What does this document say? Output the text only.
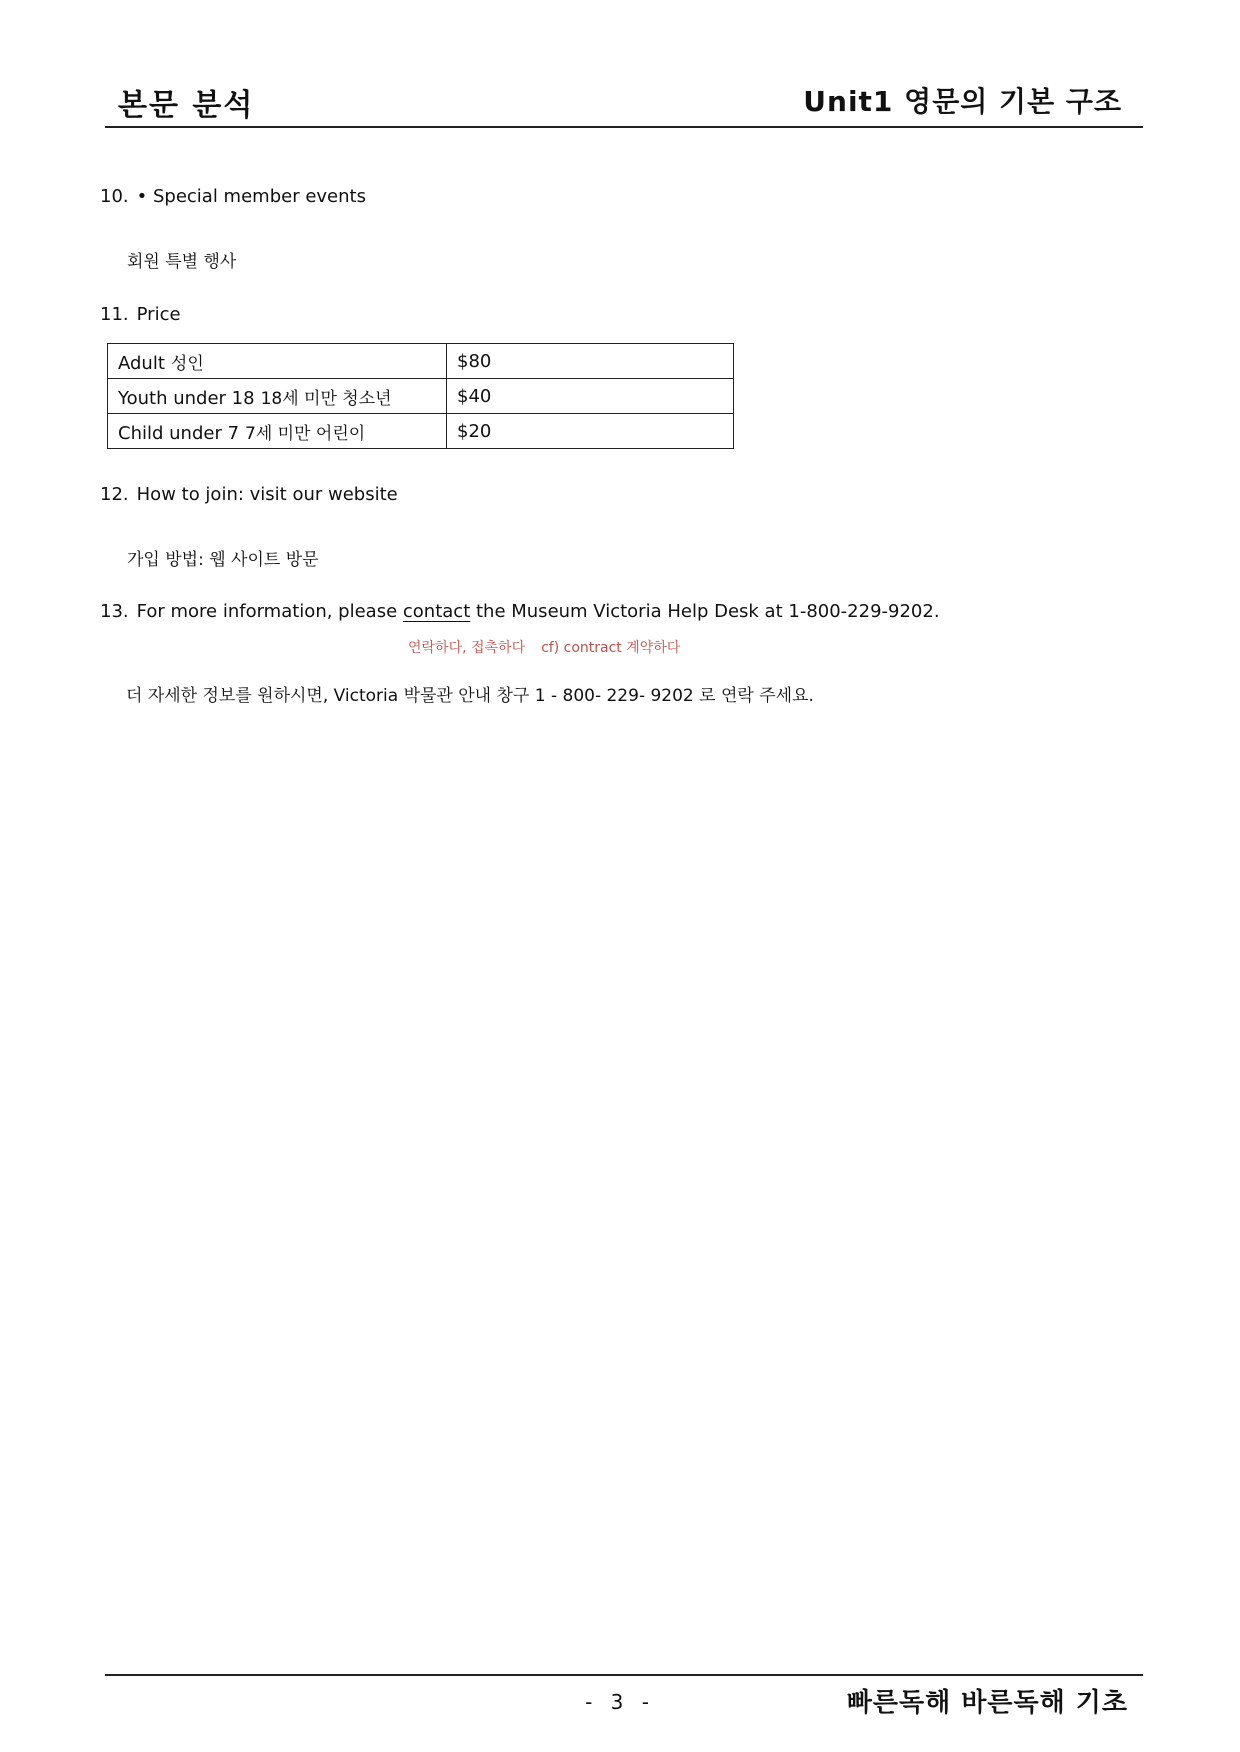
본문 분석	Unit1 영문의 기본 구조
10. • Special member events
회원 특별 행사
11. Price
Adult 성인	$80
Youth under 18 18세 미만 청소년	$40
Child under 7 7세 미만 어린이	$20
12. How to join: visit our website
가입 방법: 웹 사이트 방문
13. For more information, please contact the Museum Victoria Help Desk at 1-800-229-9202.
연락하다, 접촉하다 cf) contract 계약하다
더 자세한 정보를 원하시면, Victoria 박물관 안내 창구 1 - 800- 229- 9202 로 연락 주세요.
- 3 -	빠른독해 바른독해 기초
